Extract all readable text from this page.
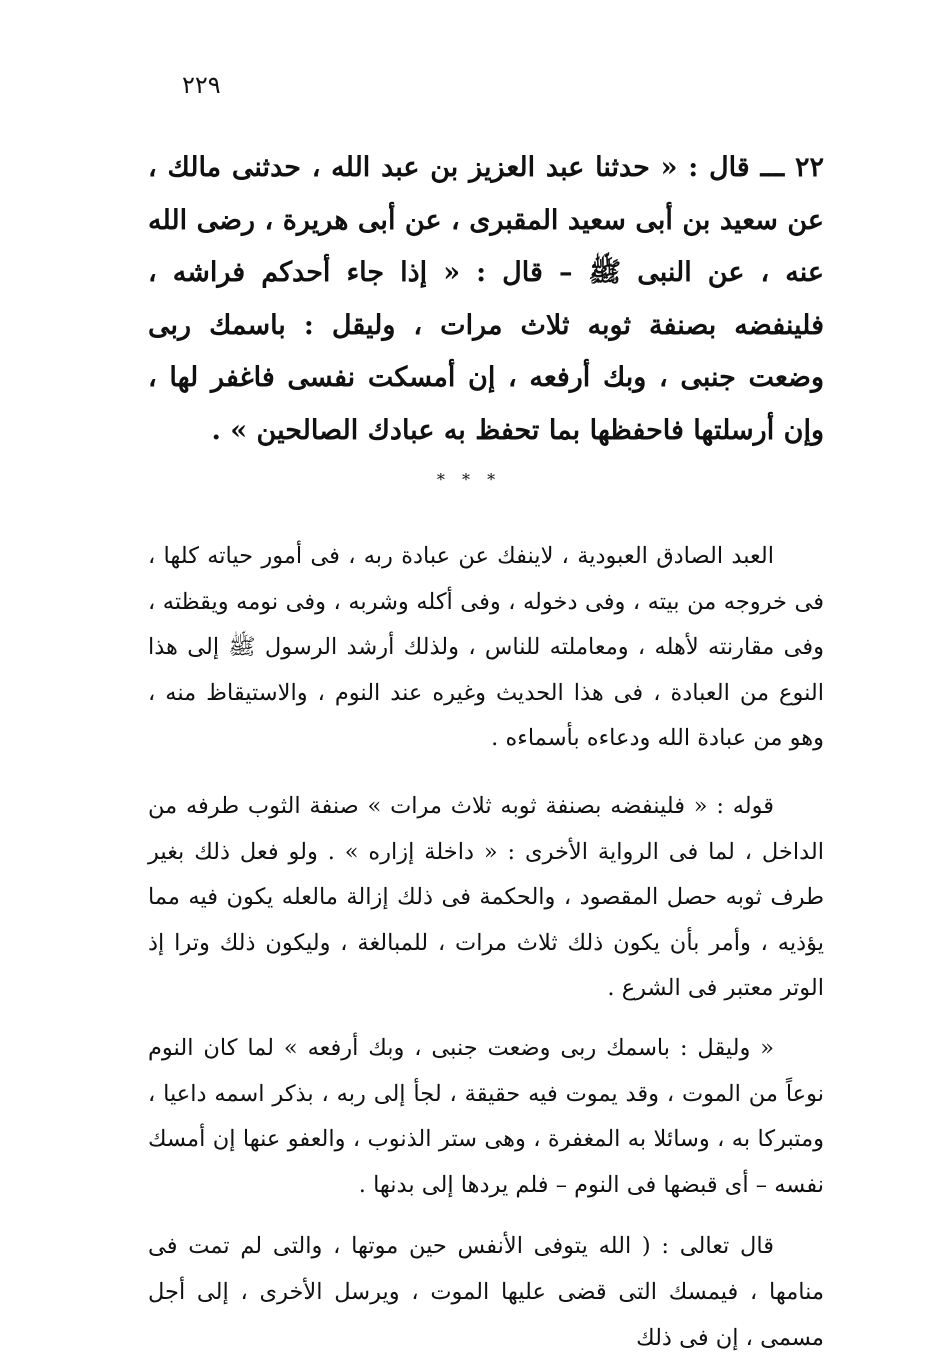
٢٢٩
٢٢ ـــ قال : « حدثنا عبد العزيز بن عبد الله ، حدثنى مالك ، عن سعيد بن أبى سعيد المقبرى ، عن أبى هريرة ، رضى الله عنه ، عن النبى ﷺ – قال : « إذا جاء أحدكم فراشه ، فلينفضه بصنفة ثوبه ثلاث مرات ، وليقل : باسمك ربى وضعت جنبى ، وبك أرفعه ، إن أمسكت نفسى فاغفر لها ، وإن أرسلتها فاحفظها بما تحفظ به عبادك الصالحين » .
* * *

العبد الصادق العبودية ، لاينفك عن عبادة ربه ، فى أمور حياته كلها ، فى خروجه من بيته ، وفى دخوله ، وفى أكله وشربه ، وفى نومه ويقظته ، وفى مقارنته لأهله ، ومعاملته للناس ، ولذلك أرشد الرسول ﷺ إلى هذا النوع من العبادة ، فى هذا الحديث وغيره عند النوم ، والاستيقاظ منه ، وهو من عبادة الله ودعاءه بأسماءه .

قوله : « فلينفضه بصنفة ثوبه ثلاث مرات » صنفة الثوب طرفه من الداخل ، لما فى الرواية الأخرى : « داخلة إزاره » . ولو فعل ذلك بغير طرف ثوبه حصل المقصود ، والحكمة فى ذلك إزالة مالعله يكون فيه مما يؤذيه ، وأمر بأن يكون ذلك ثلاث مرات ، للمبالغة ، وليكون ذلك وترا إذ الوتر معتبر فى الشرع .

« وليقل : باسمك ربى وضعت جنبى ، وبك أرفعه » لما كان النوم نوعاً من الموت ، وقد يموت فيه حقيقة ، لجأ إلى ربه ، بذكر اسمه داعيا ، ومتبركا به ، وسائلا به المغفرة ، وهى ستر الذنوب ، والعفو عنها إن أمسك نفسه – أى قبضها فى النوم – فلم يردها إلى بدنها .

قال تعالى : ( الله يتوفى الأنفس حين موتها ، والتى لم تمت فى منامها ، فيمسك التى قضى عليها الموت ، ويرسل الأخرى ، إلى أجل مسمى ، إن فى ذلك
